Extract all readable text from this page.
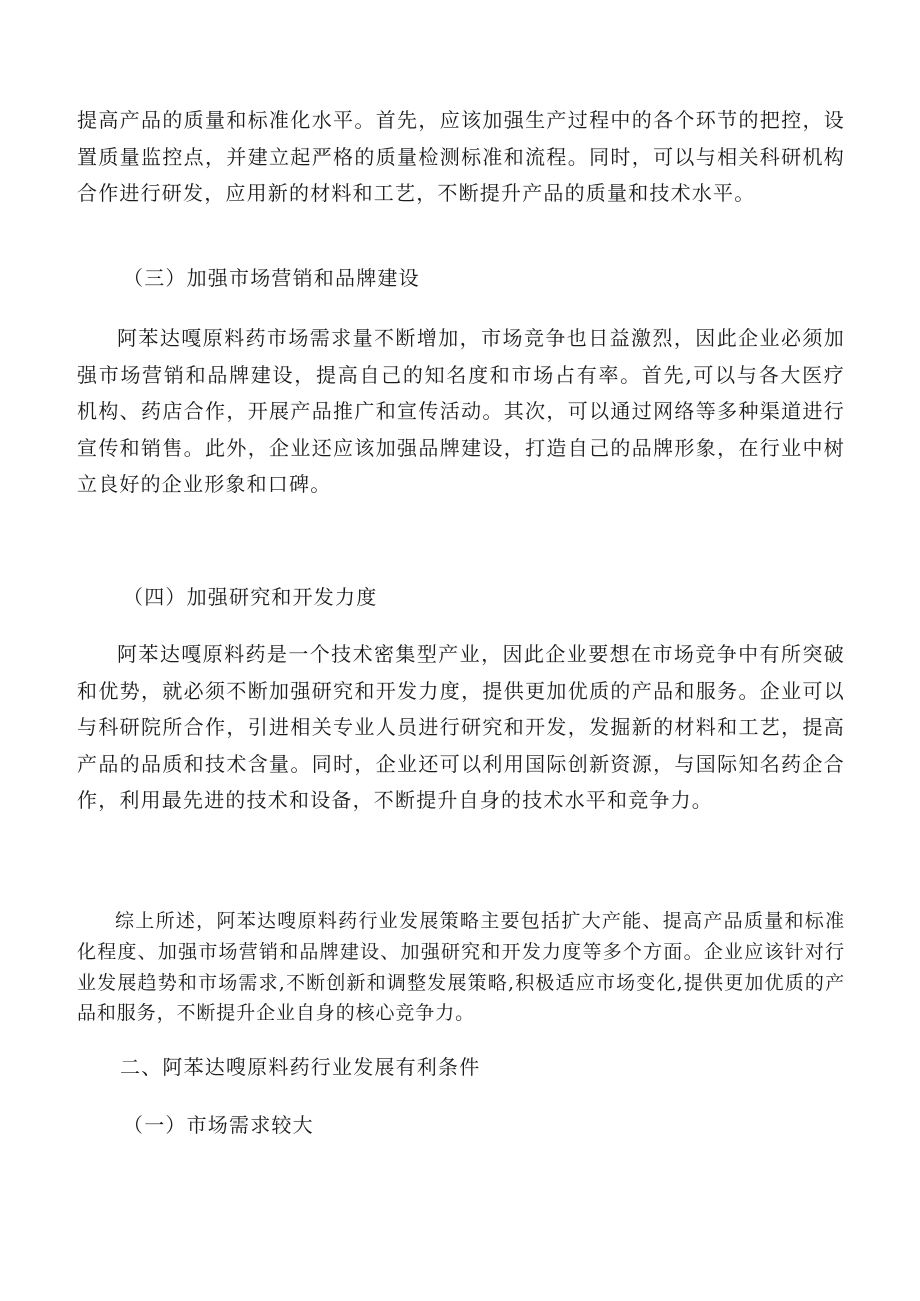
提高产品的质量和标准化水平。首先，应该加强生产过程中的各个环节的把控，设置质量监控点，并建立起严格的质量检测标准和流程。同时，可以与相关科研机构合作进行研发，应用新的材料和工艺，不断提升产品的质量和技术水平。

（三）加强市场营销和品牌建设

阿苯达嘎原料药市场需求量不断增加，市场竞争也日益激烈，因此企业必须加强市场营销和品牌建设，提高自己的知名度和市场占有率。首先,可以与各大医疗机构、药店合作，开展产品推广和宣传活动。其次，可以通过网络等多种渠道进行宣传和销售。此外，企业还应该加强品牌建设，打造自己的品牌形象，在行业中树立良好的企业形象和口碑。

（四）加强研究和开发力度

阿苯达嘎原料药是一个技术密集型产业，因此企业要想在市场竞争中有所突破和优势，就必须不断加强研究和开发力度，提供更加优质的产品和服务。企业可以与科研院所合作，引进相关专业人员进行研究和开发，发掘新的材料和工艺，提高产品的品质和技术含量。同时，企业还可以利用国际创新资源，与国际知名药企合作，利用最先进的技术和设备，不断提升自身的技术水平和竞争力。

综上所述，阿苯达嗖原料药行业发展策略主要包括扩大产能、提高产品质量和标准化程度、加强市场营销和品牌建设、加强研究和开发力度等多个方面。企业应该针对行业发展趋势和市场需求,不断创新和调整发展策略,积极适应市场变化,提供更加优质的产品和服务，不断提升企业自身的核心竞争力。

二、阿苯达嗖原料药行业发展有利条件
（一）市场需求较大
